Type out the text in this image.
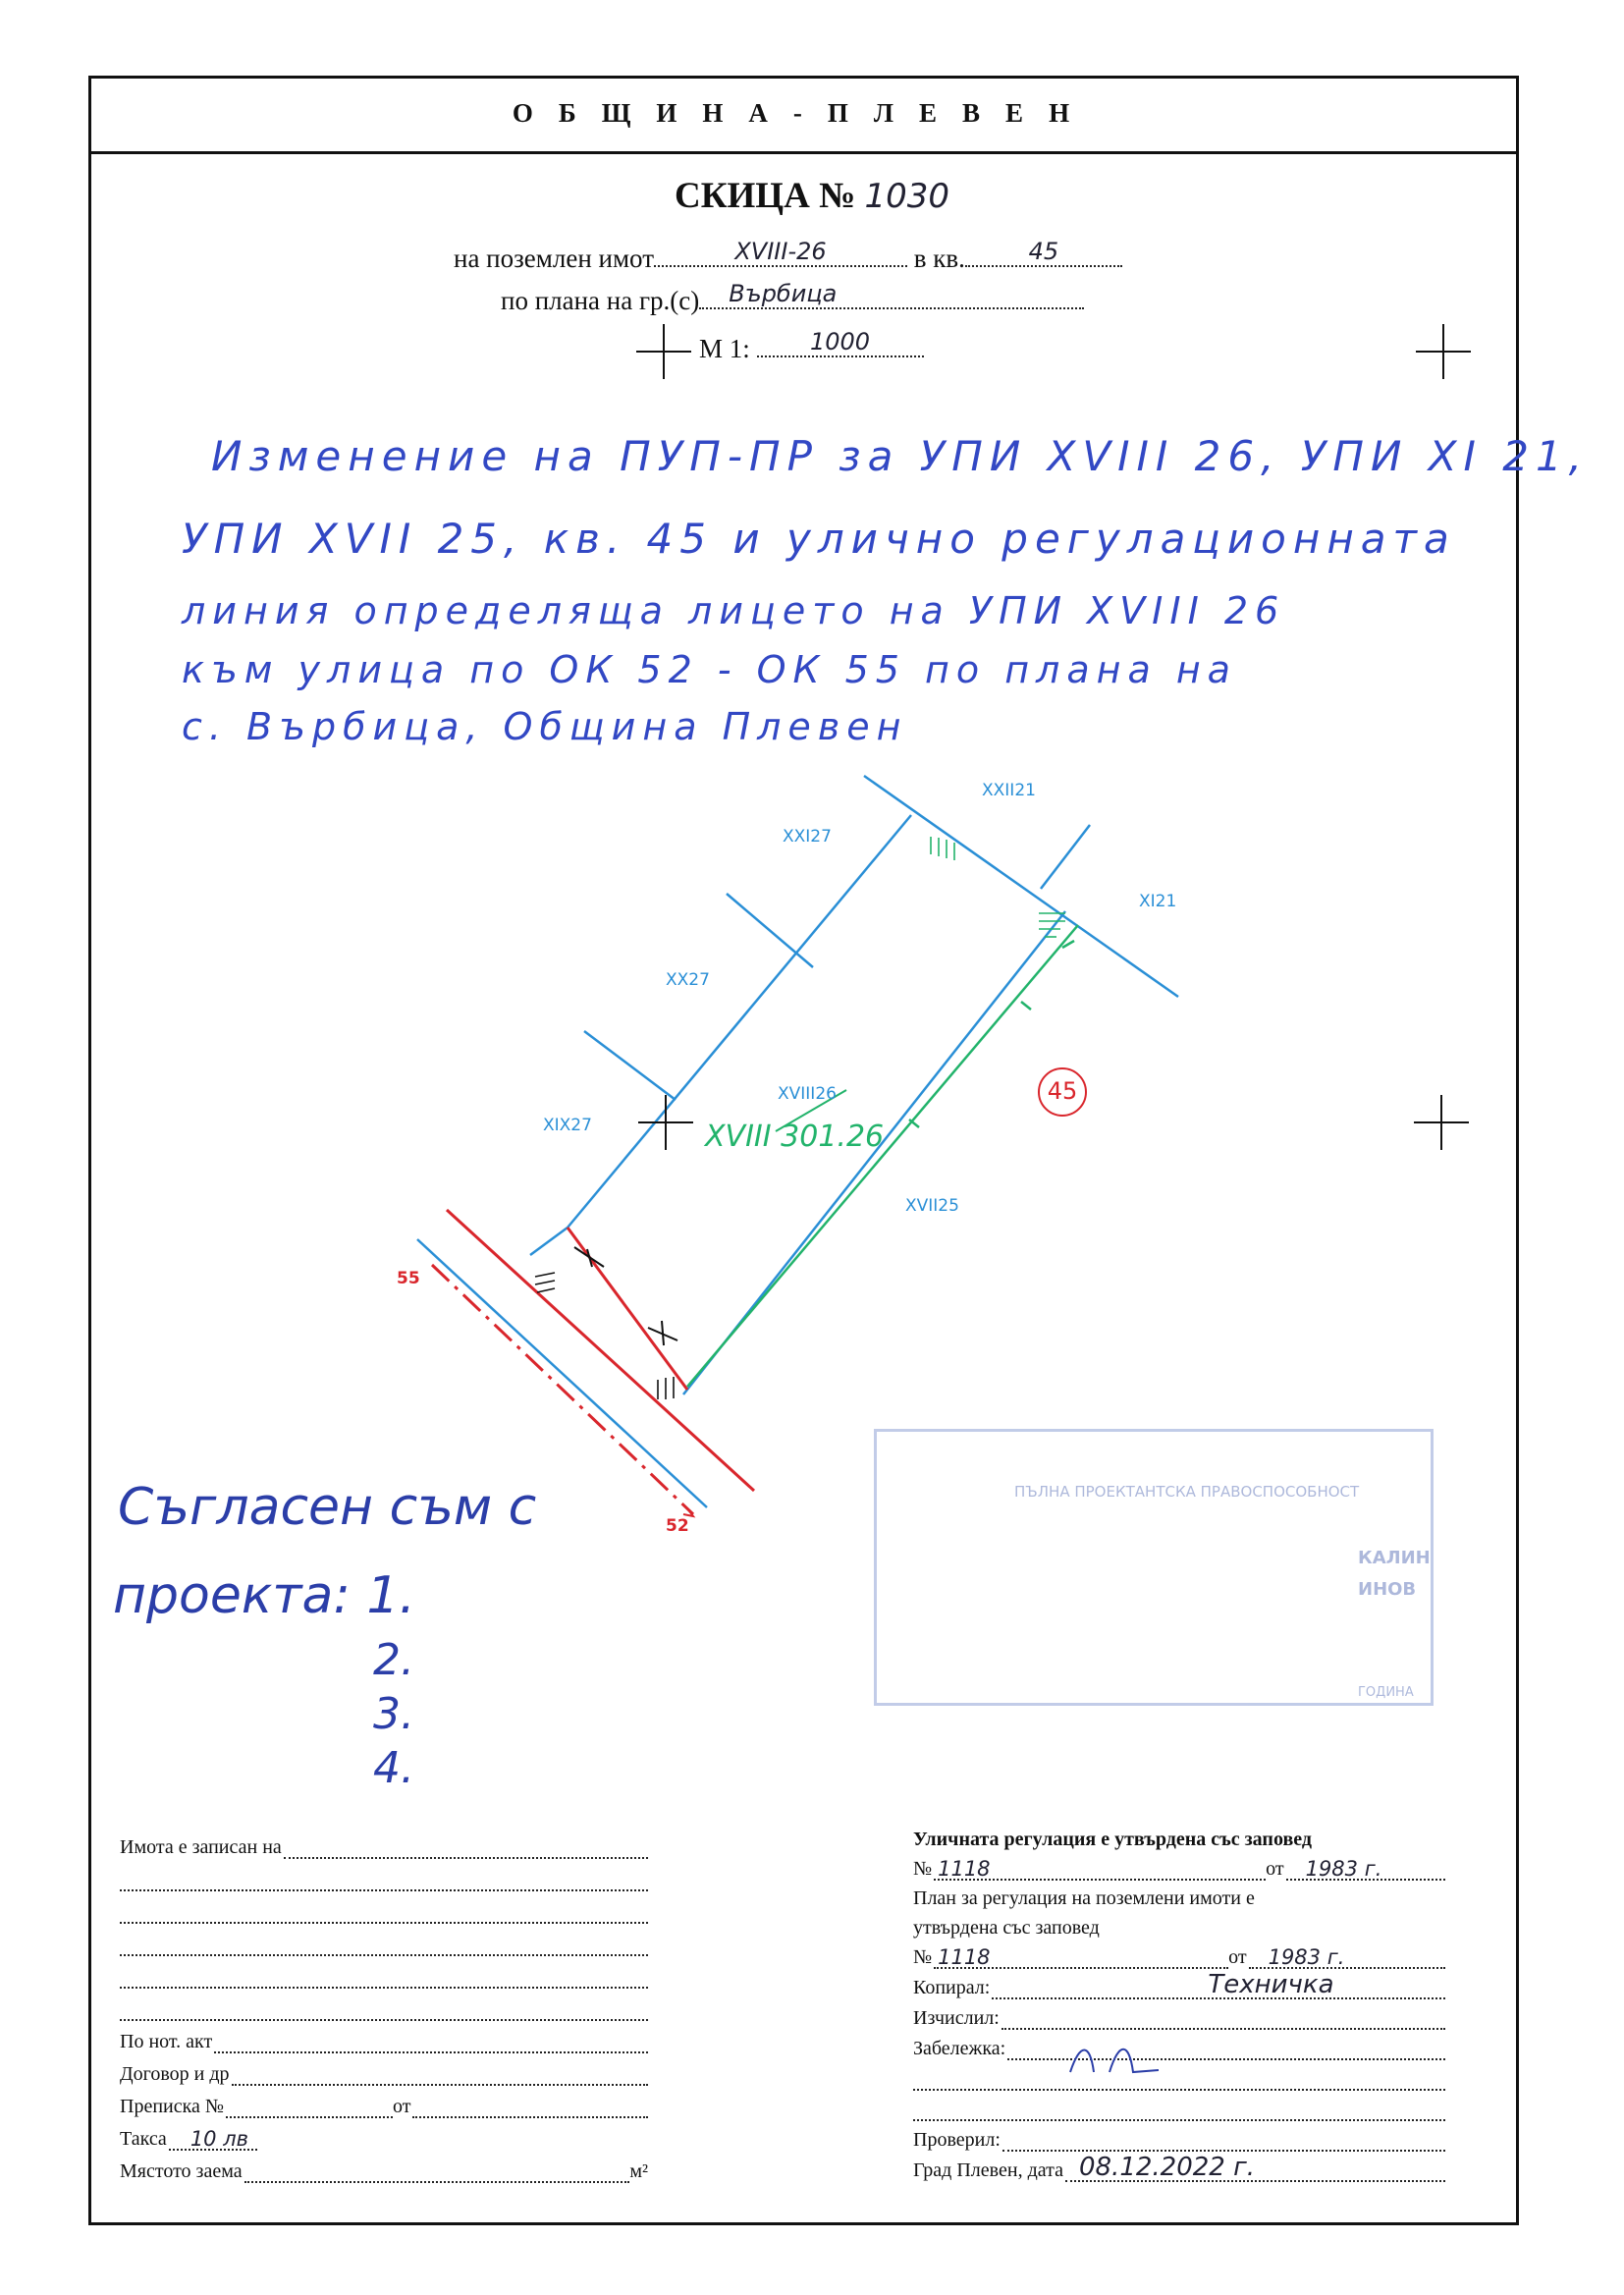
ОБЩИНА-ПЛЕВЕН
СКИЦА № 1030
на поземлен имот	XVIII-26	в кв.	45
по плана на гр.(с) Върбица
М 1:	1000
Изменение на ПУП-ПР за УПИ XVIII 26, УПИ XI 21,
УПИ XVII 25, кв. 45 и улично регулационната
линия определяща лицето на УПИ XVIII 26
към улица по ОК 52 - ОК 55 по плана на
с. Върбица, Община Плевен
XXII21
XXI27
XI21
XX27
XIX27
XVIII26
XVIII 301.26
XVII25
45
55
52
ПЪЛНА ПРОЕКТАНТСКА ПРАВОСПОСОБНОСТ
КАЛИН
ИНОВ
ГОДИНА
Съгласен съм с
проекта: 1.
2.
3.
4.
Имота е записан на
По нот. акт
Договор и др
Преписка №	от
Такса 10 лв
Мястото заема	м²
Уличната регулация е утвърдена със заповед
№ 1118	от 1983 г.
План за регулация на поземлени имоти е
утвърдена със заповед
№ 1118	от 1983 г.
Копирал:	Техничка
Изчислил:
Забележка:
Проверил:
Град Плевен, дата 08.12.2022 г.
